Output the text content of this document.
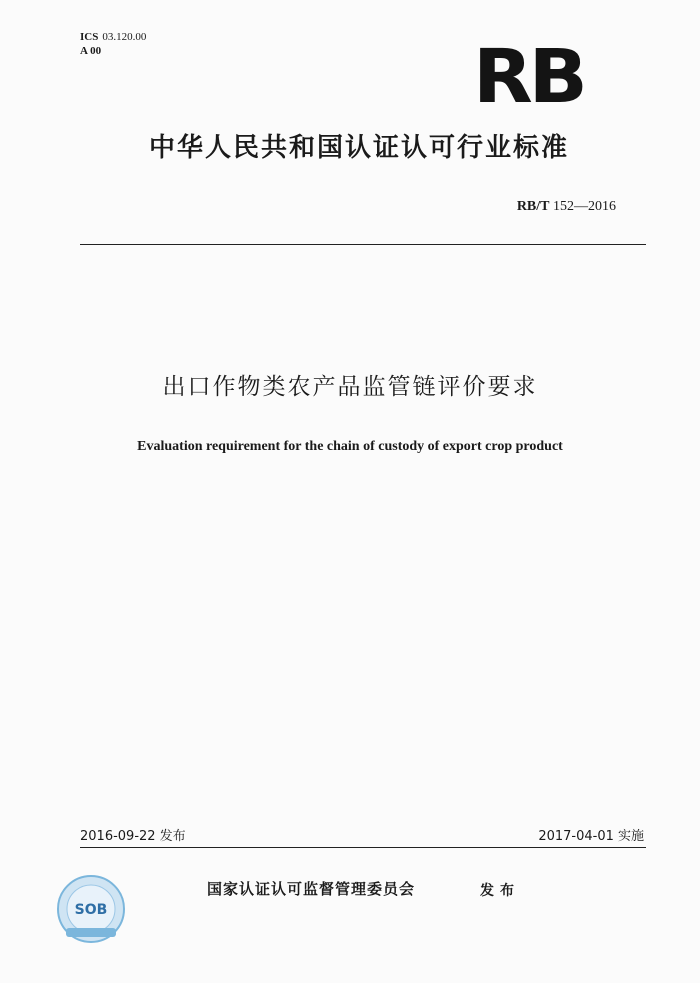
ICS 03.120.00
A 00	RB
中华人民共和国认证认可行业标准
RB/T 152—2016
出口作物类农产品监管链评价要求
Evaluation requirement for the chain of custody of export crop product
2016-09-22 发布	2017-04-01 实施
SOB
国家认证认可监督管理委员会	发布
